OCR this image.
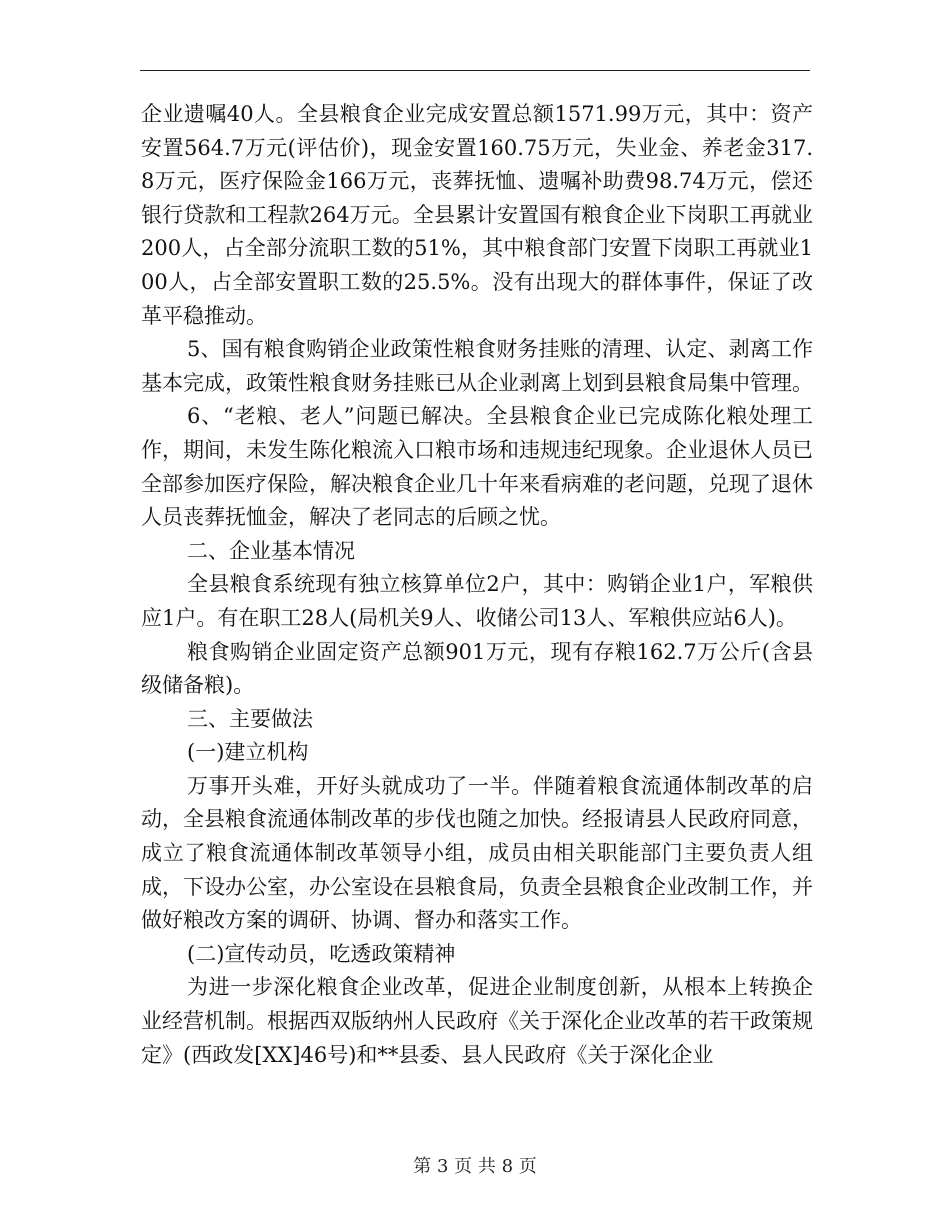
企业遗嘱40人。全县粮食企业完成安置总额1571.99万元，其中：资产安置564.7万元(评估价)，现金安置160.75万元，失业金、养老金317.8万元，医疗保险金166万元，丧葬抚恤、遗嘱补助费98.74万元，偿还银行贷款和工程款264万元。全县累计安置国有粮食企业下岗职工再就业200人，占全部分流职工数的51%，其中粮食部门安置下岗职工再就业100人，占全部安置职工数的25.5%。没有出现大的群体事件，保证了改革平稳推动。

5、国有粮食购销企业政策性粮食财务挂账的清理、认定、剥离工作基本完成，政策性粮食财务挂账已从企业剥离上划到县粮食局集中管理。

6、“老粮、老人”问题已解决。全县粮食企业已完成陈化粮处理工作，期间，未发生陈化粮流入口粮市场和违规违纪现象。企业退休人员已全部参加医疗保险，解决粮食企业几十年来看病难的老问题，兑现了退休人员丧葬抚恤金，解决了老同志的后顾之忧。

二、企业基本情况

全县粮食系统现有独立核算单位2户，其中：购销企业1户，军粮供应1户。有在职工28人(局机关9人、收储公司13人、军粮供应站6人)。

粮食购销企业固定资产总额901万元，现有存粮162.7万公斤(含县级储备粮)。

三、主要做法

(一)建立机构

万事开头难，开好头就成功了一半。伴随着粮食流通体制改革的启动，全县粮食流通体制改革的步伐也随之加快。经报请县人民政府同意，成立了粮食流通体制改革领导小组，成员由相关职能部门主要负责人组成，下设办公室，办公室设在县粮食局，负责全县粮食企业改制工作，并做好粮改方案的调研、协调、督办和落实工作。

(二)宣传动员，吃透政策精神

为进一步深化粮食企业改革，促进企业制度创新，从根本上转换企业经营机制。根据西双版纳州人民政府《关于深化企业改革的若干政策规定》(西政发[XX]46号)和**县委、县人民政府《关于深化企业

第 3 页 共 8 页
